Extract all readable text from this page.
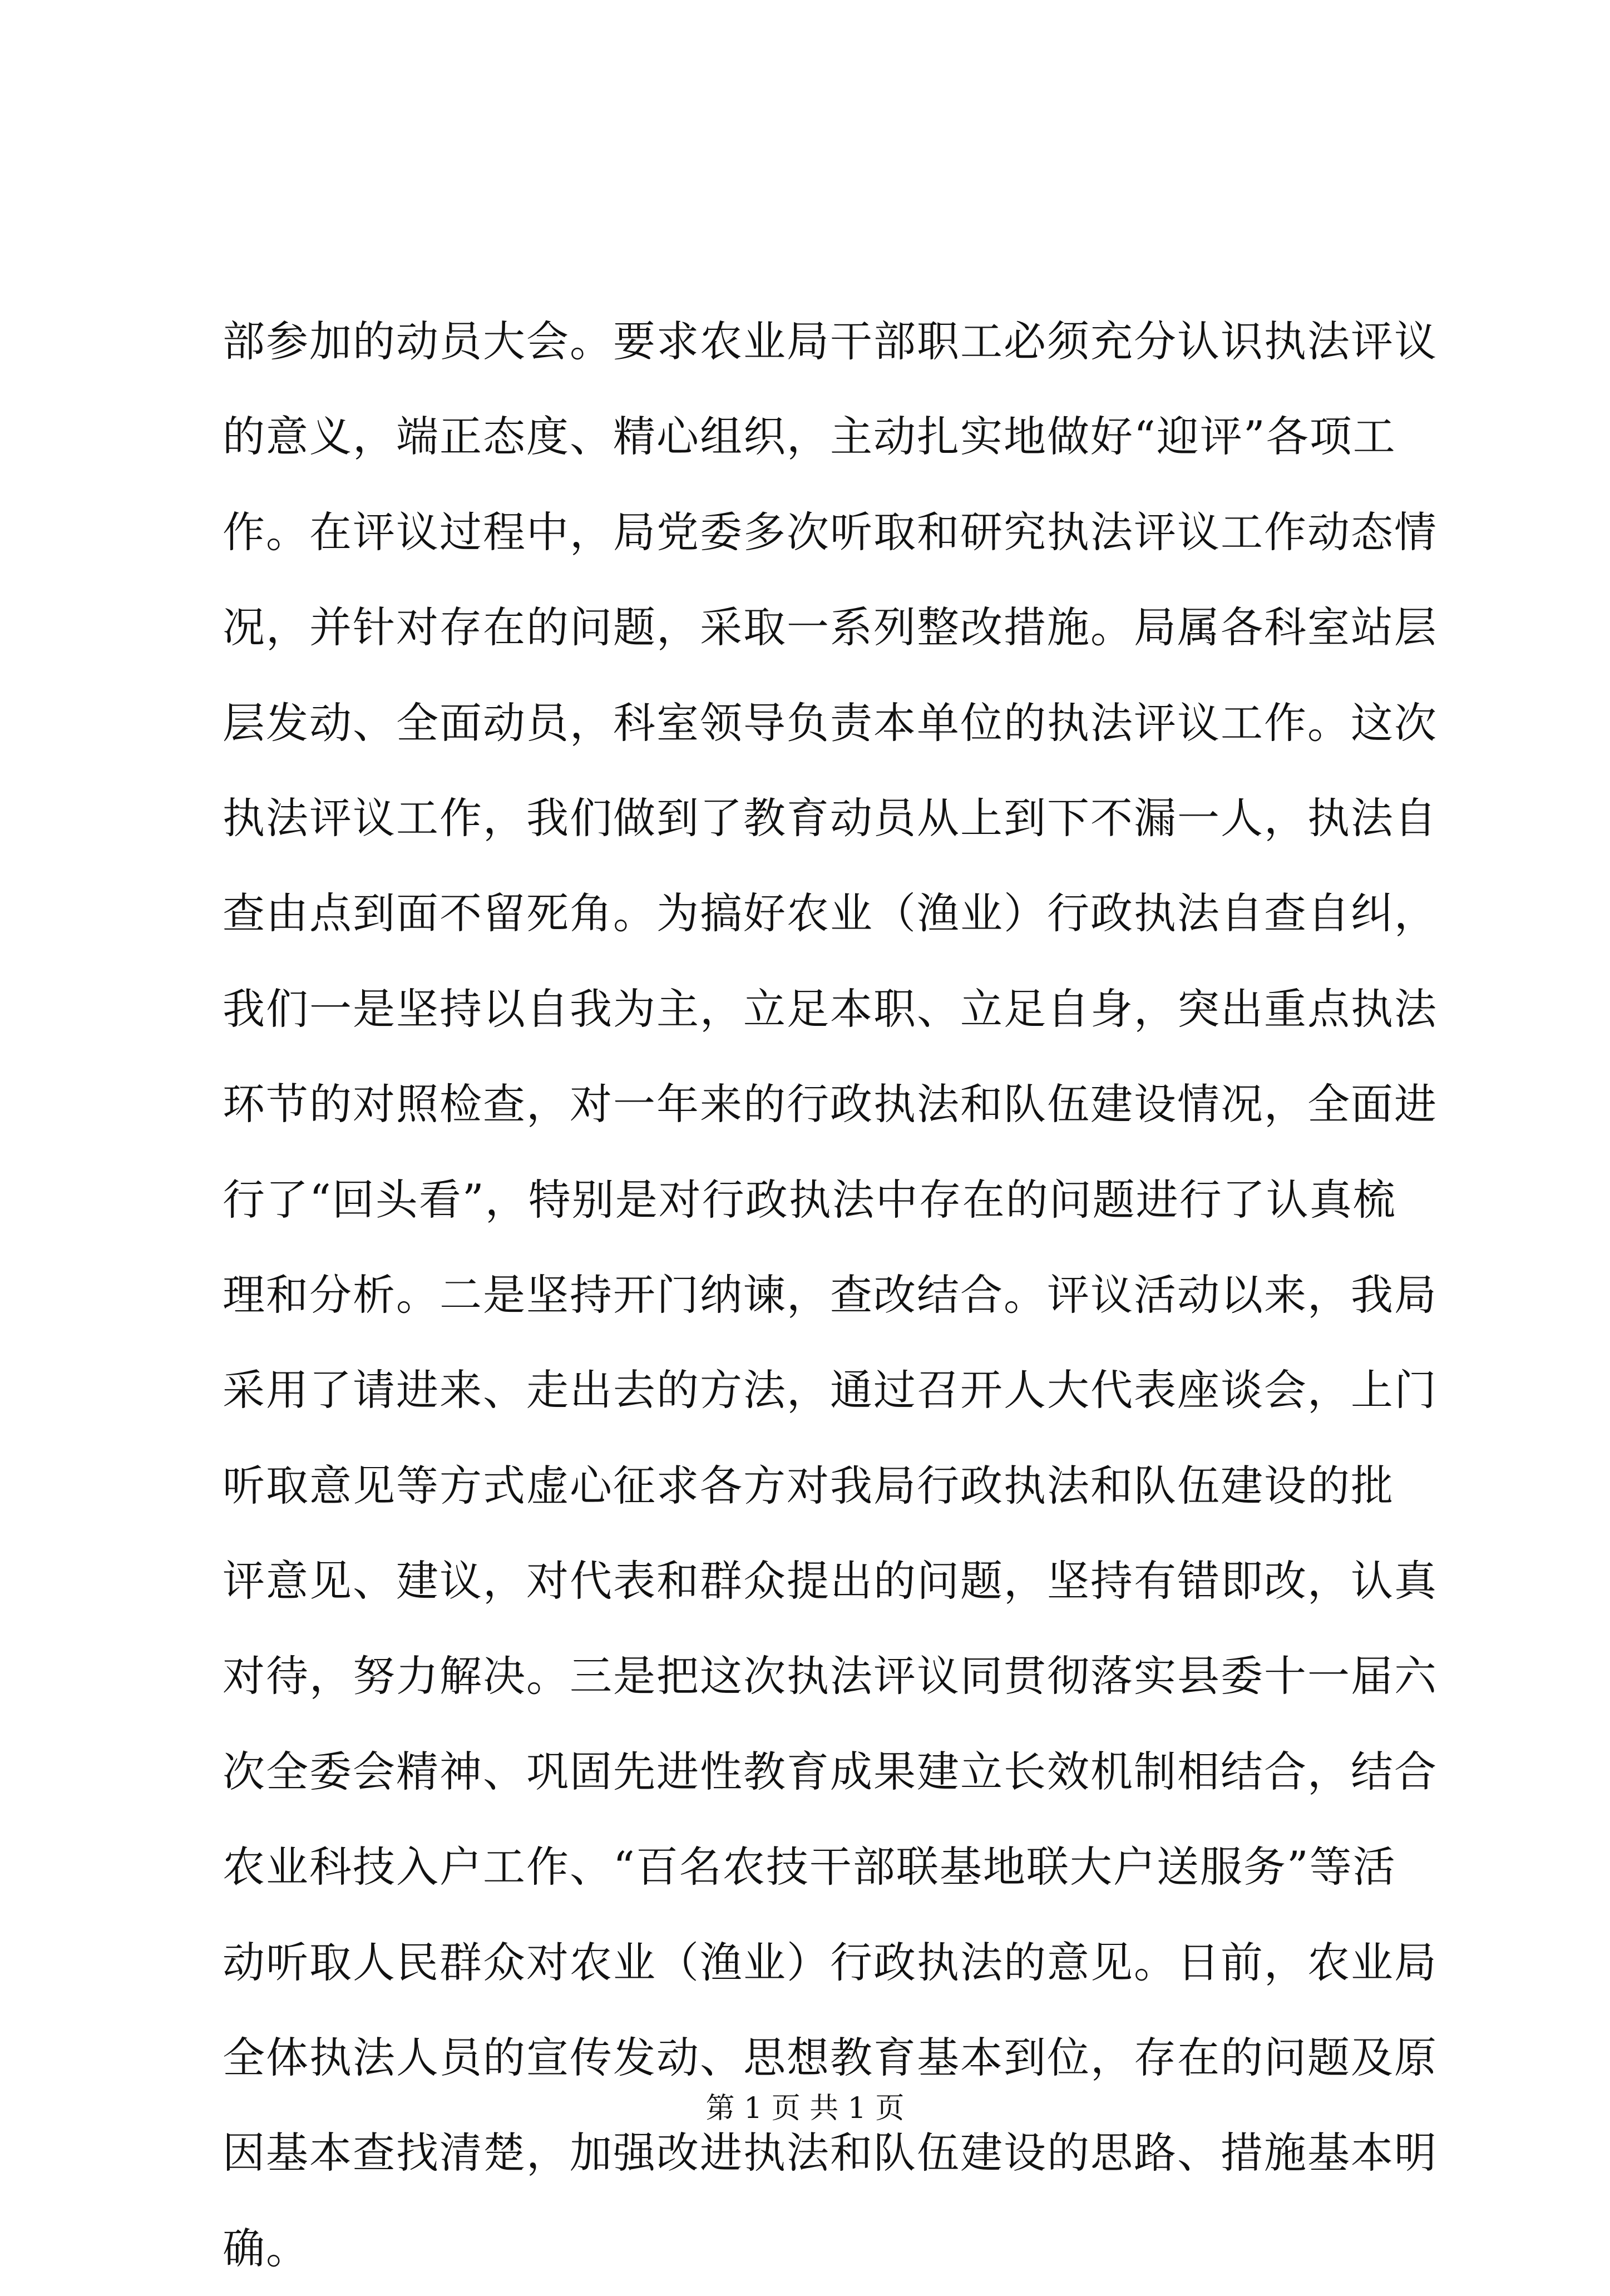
部参加的动员大会。要求农业局干部职工必须充分认识执法评议
的意义，端正态度、精心组织，主动扎实地做好“迎评”各项工
作。在评议过程中，局党委多次听取和研究执法评议工作动态情
况，并针对存在的问题，采取一系列整改措施。局属各科室站层
层发动、全面动员，科室领导负责本单位的执法评议工作。这次
执法评议工作，我们做到了教育动员从上到下不漏一人，执法自
查由点到面不留死角。为搞好农业（渔业）行政执法自查自纠，
我们一是坚持以自我为主，立足本职、立足自身，突出重点执法
环节的对照检查，对一年来的行政执法和队伍建设情况，全面进
行了“回头看”，特别是对行政执法中存在的问题进行了认真梳
理和分析。二是坚持开门纳谏，查改结合。评议活动以来，我局
采用了请进来、走出去的方法，通过召开人大代表座谈会，上门
听取意见等方式虚心征求各方对我局行政执法和队伍建设的批
评意见、建议，对代表和群众提出的问题，坚持有错即改，认真
对待，努力解决。三是把这次执法评议同贯彻落实县委十一届六
次全委会精神、巩固先进性教育成果建立长效机制相结合，结合
农业科技入户工作、“百名农技干部联基地联大户送服务”等活
动听取人民群众对农业（渔业）行政执法的意见。日前，农业局
全体执法人员的宣传发动、思想教育基本到位，存在的问题及原
因基本查找清楚，加强改进执法和队伍建设的思路、措施基本明
确。
第 1 页 共 1 页
